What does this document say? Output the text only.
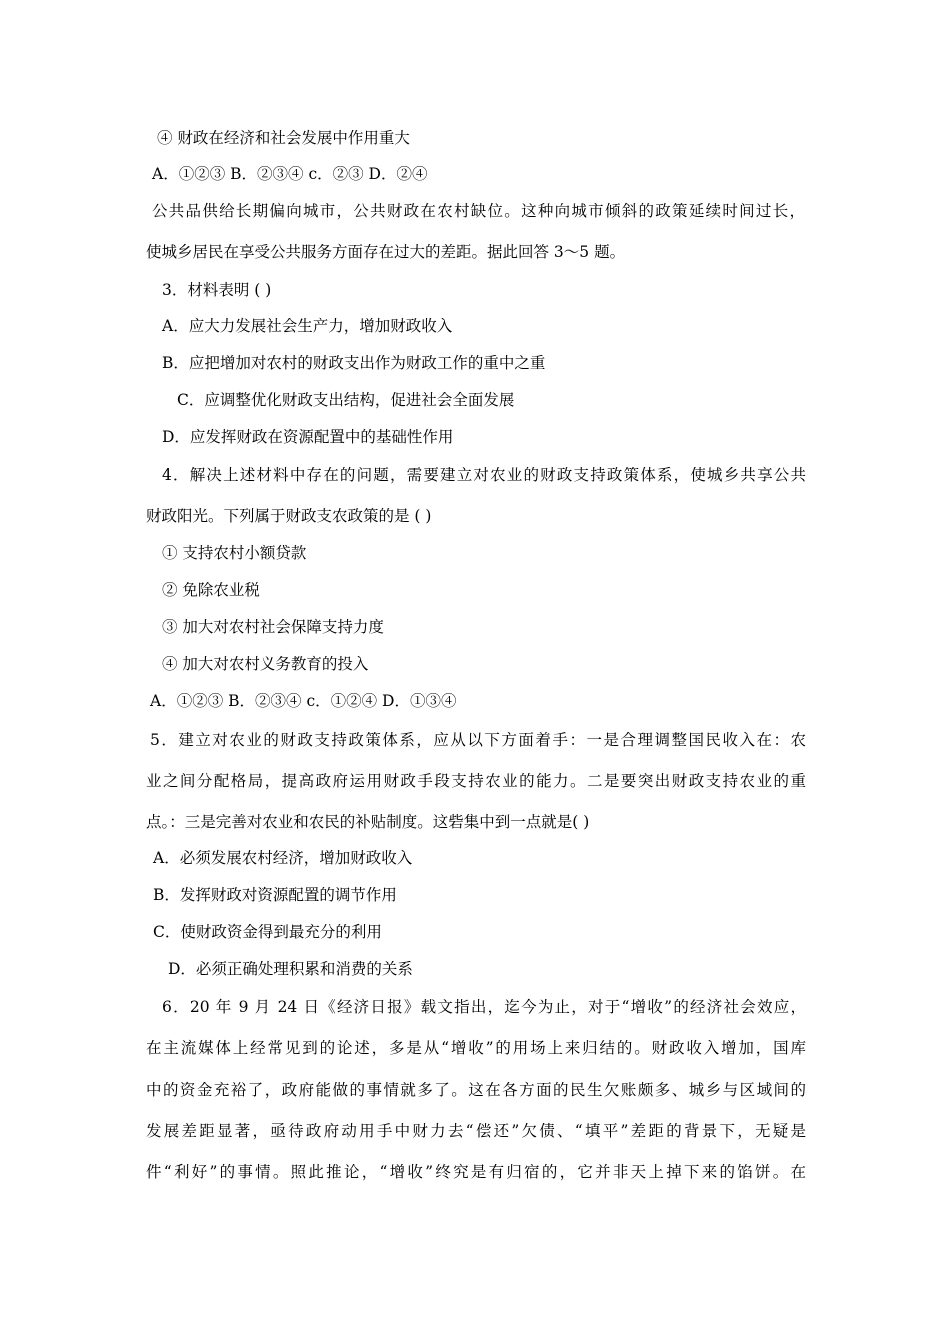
④ 财政在经济和社会发展中作用重大
A．①②③ B．②③④ c．②③ D．②④
公共品供给长期偏向城市，公共财政在农村缺位。这种向城市倾斜的政策延续时间过长，
使城乡居民在享受公共服务方面存在过大的差距。据此回答 3～5 题。
3．材料表明 ( )
A．应大力发展社会生产力，增加财政收入
B．应把增加对农村的财政支出作为财政工作的重中之重
C．应调整优化财政支出结构，促进社会全面发展
D．应发挥财政在资源配置中的基础性作用
4．解决上述材料中存在的问题，需要建立对农业的财政支持政策体系，使城乡共享公共
财政阳光。下列属于财政支农政策的是 ( )
① 支持农村小额贷款
② 免除农业税
③ 加大对农村社会保障支持力度
④ 加大对农村义务教育的投入
A．①②③ B．②③④ c．①②④ D．①③④
5．建立对农业的财政支持政策体系，应从以下方面着手：一是合理调整国民收入在：农
业之间分配格局，提高政府运用财政手段支持农业的能力。二是要突出财政支持农业的重
点。：三是完善对农业和农民的补贴制度。这砦集中到一点就是( )
A．必须发展农村经济，增加财政收入
B．发挥财政对资源配置的调节作用
C．使财政资金得到最充分的利用
D．必须正确处理积累和消费的关系
6．20 年 9 月 24 日《经济日报》载文指出，迄今为止，对于“增收”的经济社会效应，
在主流媒体上经常见到的论述，多是从“增收”的用场上来归结的。财政收入增加，国库
中的资金充裕了，政府能做的事情就多了。这在各方面的民生欠账颇多、城乡与区域间的
发展差距显著，亟待政府动用手中财力去“偿还”欠债、“填平”差距的背景下，无疑是
件“利好”的事情。照此推论，“增收”终究是有归宿的，它并非天上掉下来的馅饼。在
